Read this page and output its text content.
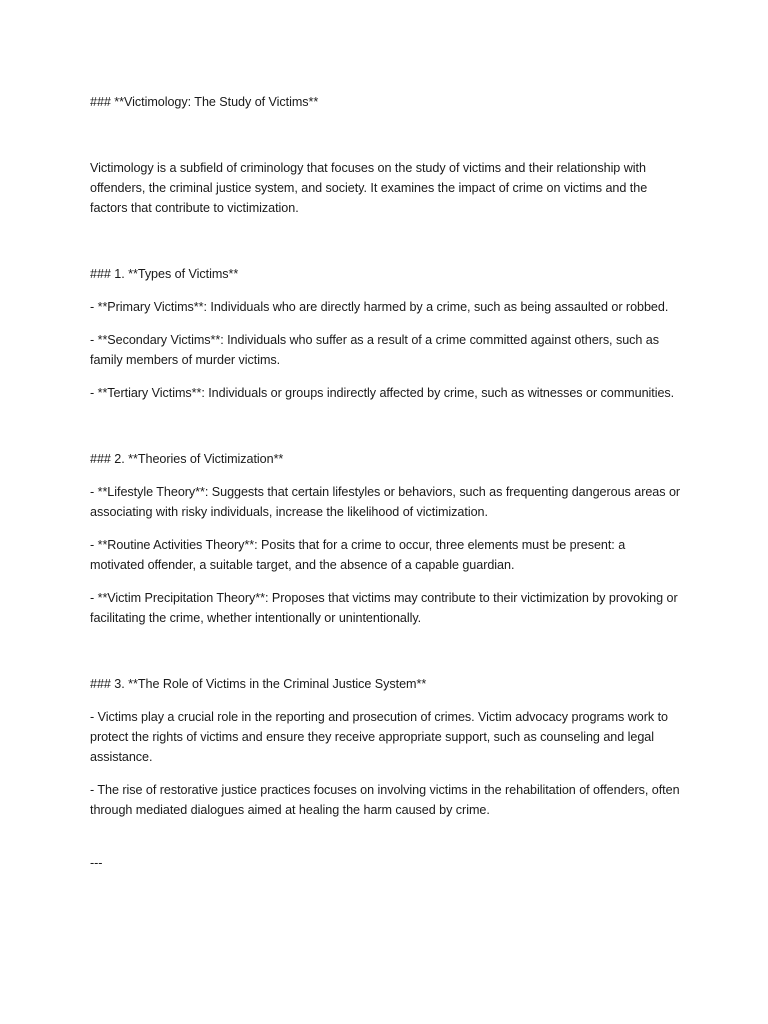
### **Victimology: The Study of Victims**

Victimology is a subfield of criminology that focuses on the study of victims and their relationship with offenders, the criminal justice system, and society. It examines the impact of crime on victims and the factors that contribute to victimization.

### 1. **Types of Victims**

- **Primary Victims**: Individuals who are directly harmed by a crime, such as being assaulted or robbed.

- **Secondary Victims**: Individuals who suffer as a result of a crime committed against others, such as family members of murder victims.

- **Tertiary Victims**: Individuals or groups indirectly affected by crime, such as witnesses or communities.

### 2. **Theories of Victimization**

- **Lifestyle Theory**: Suggests that certain lifestyles or behaviors, such as frequenting dangerous areas or associating with risky individuals, increase the likelihood of victimization.

- **Routine Activities Theory**: Posits that for a crime to occur, three elements must be present: a motivated offender, a suitable target, and the absence of a capable guardian.

- **Victim Precipitation Theory**: Proposes that victims may contribute to their victimization by provoking or facilitating the crime, whether intentionally or unintentionally.

### 3. **The Role of Victims in the Criminal Justice System**

- Victims play a crucial role in the reporting and prosecution of crimes. Victim advocacy programs work to protect the rights of victims and ensure they receive appropriate support, such as counseling and legal assistance.

- The rise of restorative justice practices focuses on involving victims in the rehabilitation of offenders, often through mediated dialogues aimed at healing the harm caused by crime.

---
